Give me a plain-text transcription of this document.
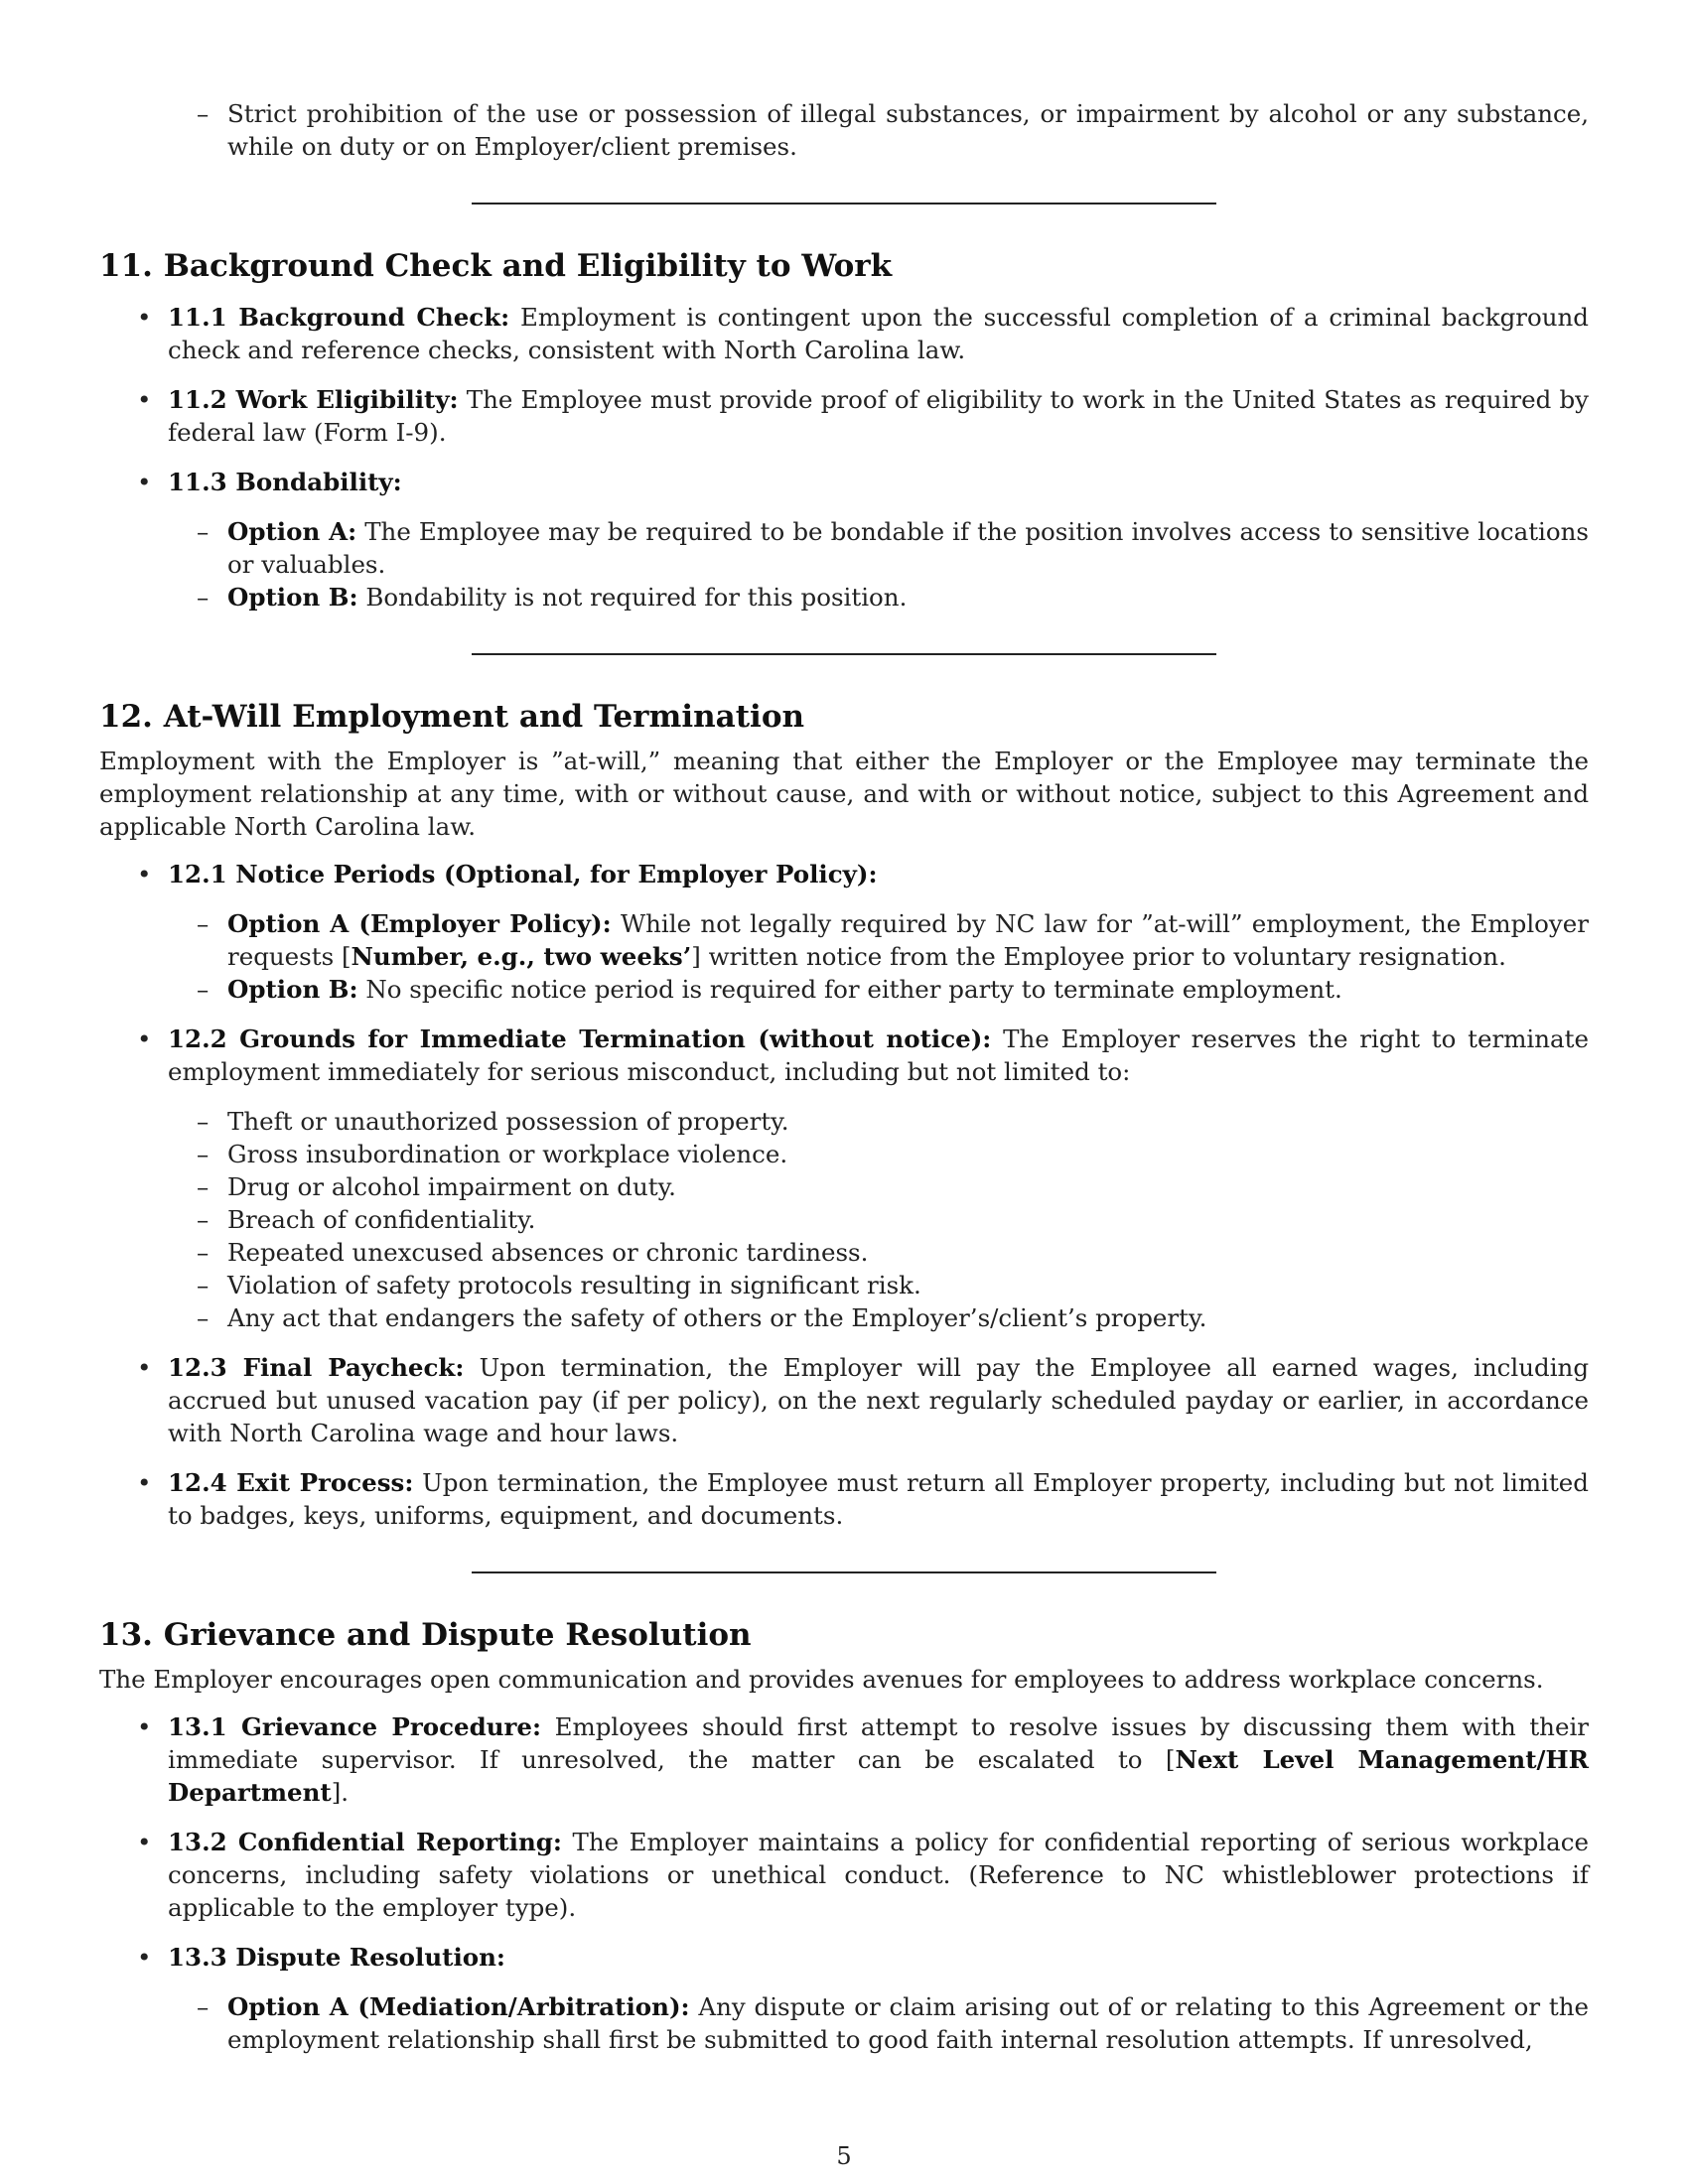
– Strict prohibition of the use or possession of illegal substances, or impairment by alcohol or any substance, while on duty or on Employer/client premises.
11. Background Check and Eligibility to Work
• 11.1 Background Check: Employment is contingent upon the successful completion of a criminal background check and reference checks, consistent with North Carolina law.
• 11.2 Work Eligibility: The Employee must provide proof of eligibility to work in the United States as required by federal law (Form I-9).
• 11.3 Bondability:
– Option A: The Employee may be required to be bondable if the position involves access to sensitive locations or valuables.
– Option B: Bondability is not required for this position.
12. At-Will Employment and Termination

Employment with the Employer is ”at-will,” meaning that either the Employer or the Employee may terminate the employment relationship at any time, with or without cause, and with or without notice, subject to this Agreement and applicable North Carolina law.

• 12.1 Notice Periods (Optional, for Employer Policy):
– Option A (Employer Policy): While not legally required by NC law for ”at-will” employment, the Employer requests [Number, e.g., two weeks’] written notice from the Employee prior to voluntary resignation.
– Option B: No specific notice period is required for either party to terminate employment.
• 12.2 Grounds for Immediate Termination (without notice): The Employer reserves the right to terminate employment immediately for serious misconduct, including but not limited to:
– Theft or unauthorized possession of property.
– Gross insubordination or workplace violence.
– Drug or alcohol impairment on duty.
– Breach of confidentiality.
– Repeated unexcused absences or chronic tardiness.
– Violation of safety protocols resulting in significant risk.
– Any act that endangers the safety of others or the Employer’s/client’s property.
• 12.3 Final Paycheck: Upon termination, the Employer will pay the Employee all earned wages, including accrued but unused vacation pay (if per policy), on the next regularly scheduled payday or earlier, in accordance with North Carolina wage and hour laws.
• 12.4 Exit Process: Upon termination, the Employee must return all Employer property, including but not limited to badges, keys, uniforms, equipment, and documents.
13. Grievance and Dispute Resolution

The Employer encourages open communication and provides avenues for employees to address workplace concerns.

• 13.1 Grievance Procedure: Employees should first attempt to resolve issues by discussing them with their immediate supervisor. If unresolved, the matter can be escalated to [Next Level Management/HR Department].
• 13.2 Confidential Reporting: The Employer maintains a policy for confidential reporting of serious workplace concerns, including safety violations or unethical conduct. (Reference to NC whistleblower protections if applicable to the employer type).
• 13.3 Dispute Resolution:
– Option A (Mediation/Arbitration): Any dispute or claim arising out of or relating to this Agreement or the employment relationship shall first be submitted to good faith internal resolution attempts. If unresolved,
5
